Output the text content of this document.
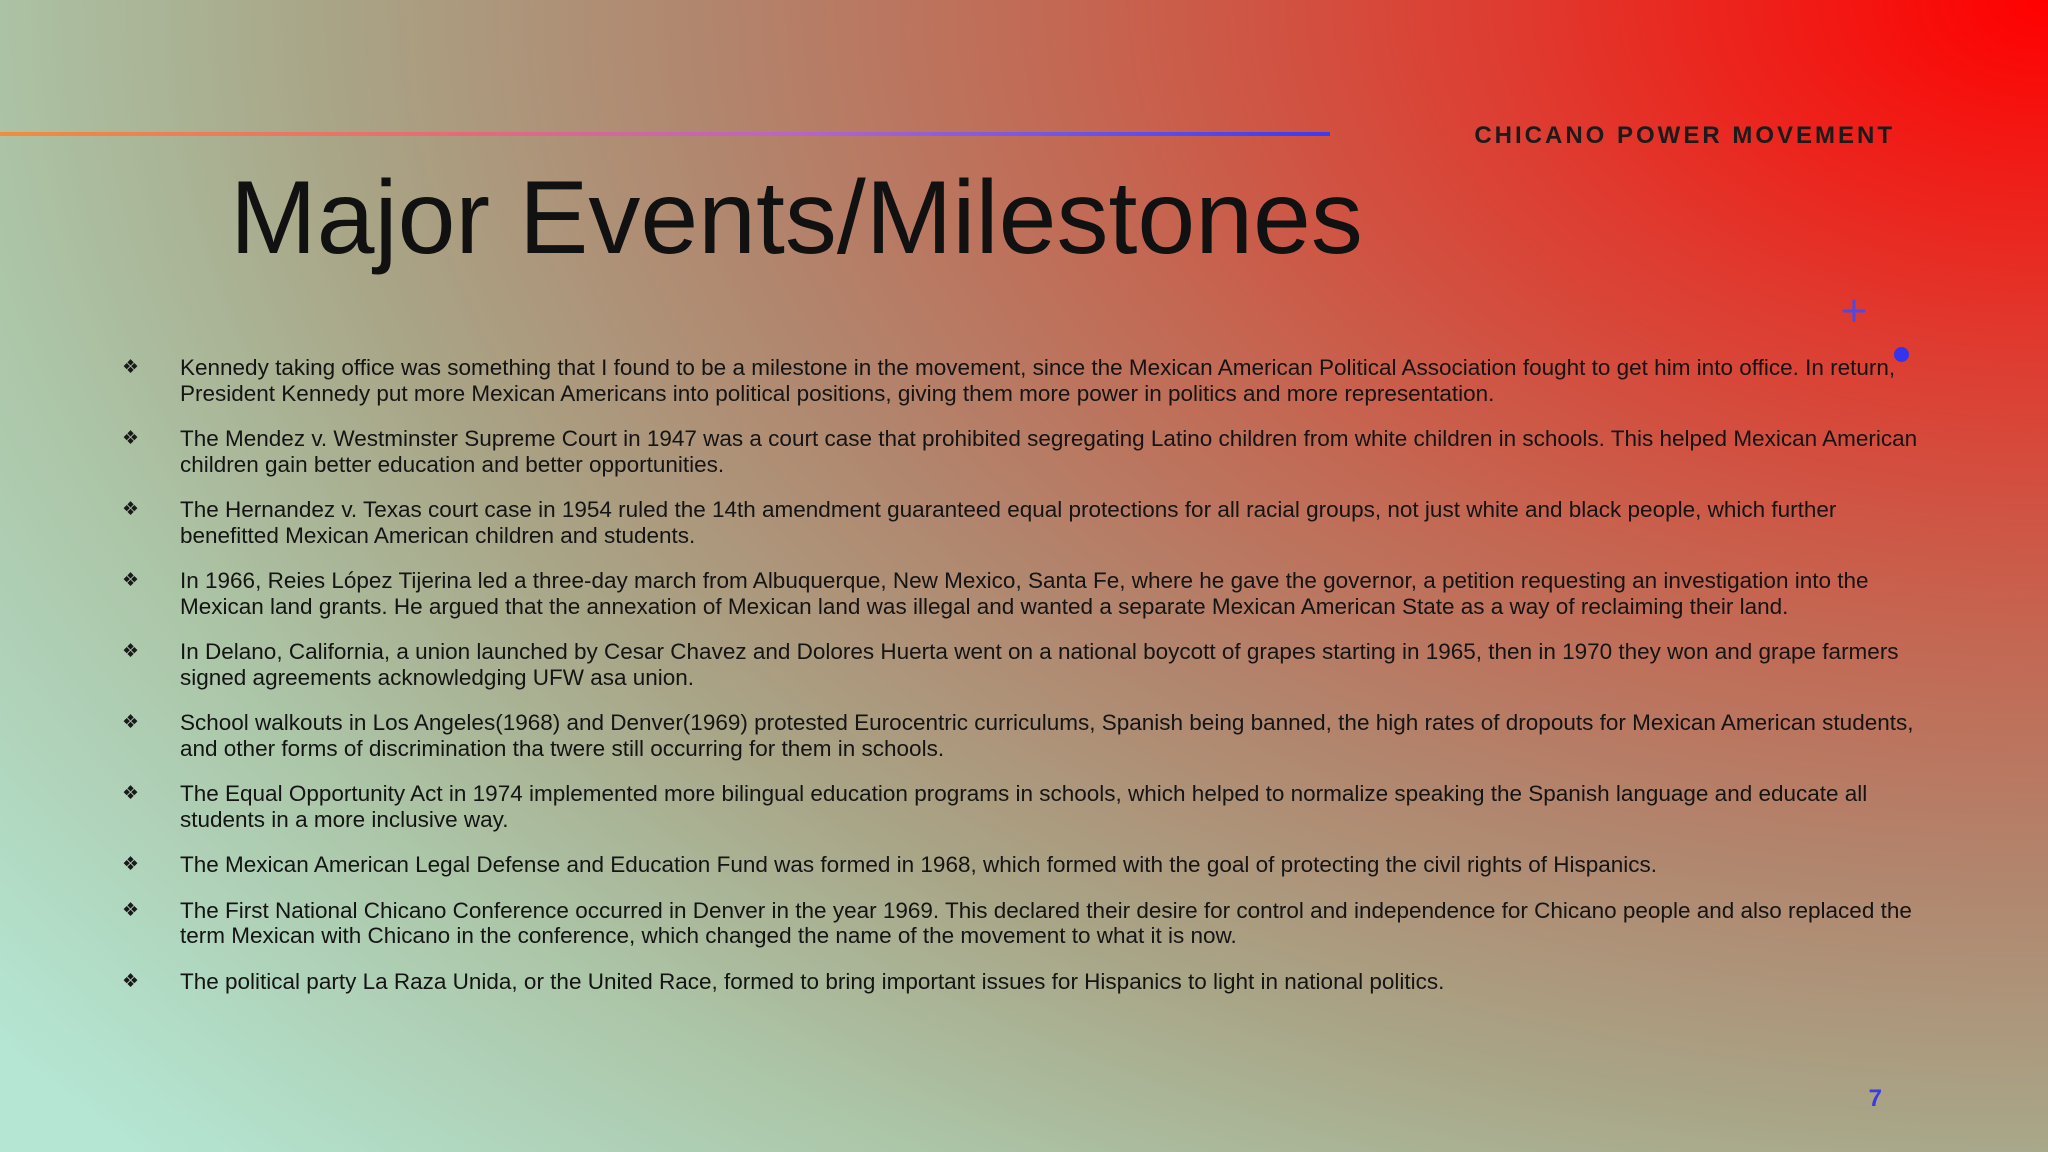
CHICANO POWER MOVEMENT
Major Events/Milestones
+
❖ Kennedy taking office was something that I found to be a milestone in the movement, since the Mexican American Political Association fought to get him into office. In return, President Kennedy put more Mexican Americans into political positions, giving them more power in politics and more representation.
❖ The Mendez v. Westminster Supreme Court in 1947 was a court case that prohibited segregating Latino children from white children in schools. This helped Mexican American children gain better education and better opportunities.
❖ The Hernandez v. Texas court case in 1954 ruled the 14th amendment guaranteed equal protections for all racial groups, not just white and black people, which further benefitted Mexican American children and students.
❖ In 1966, Reies López Tijerina led a three-day march from Albuquerque, New Mexico, Santa Fe, where he gave the governor, a petition requesting an investigation into the Mexican land grants. He argued that the annexation of Mexican land was illegal and wanted a separate Mexican American State as a way of reclaiming their land.
❖ In Delano, California, a union launched by Cesar Chavez and Dolores Huerta went on a national boycott of grapes starting in 1965, then in 1970 they won and grape farmers signed agreements acknowledging UFW asa union.
❖ School walkouts in Los Angeles(1968) and Denver(1969) protested Eurocentric curriculums, Spanish being banned, the high rates of dropouts for Mexican American students, and other forms of discrimination tha twere still occurring for them in schools.
❖ The Equal Opportunity Act in 1974 implemented more bilingual education programs in schools, which helped to normalize speaking the Spanish language and educate all students in a more inclusive way.
❖ The Mexican American Legal Defense and Education Fund was formed in 1968, which formed with the goal of protecting the civil rights of Hispanics.
❖ The First National Chicano Conference occurred in Denver in the year 1969. This declared their desire for control and independence for Chicano people and also replaced the term Mexican with Chicano in the conference, which changed the name of the movement to what it is now.
❖ The political party La Raza Unida, or the United Race, formed to bring important issues for Hispanics to light in national politics.
7
